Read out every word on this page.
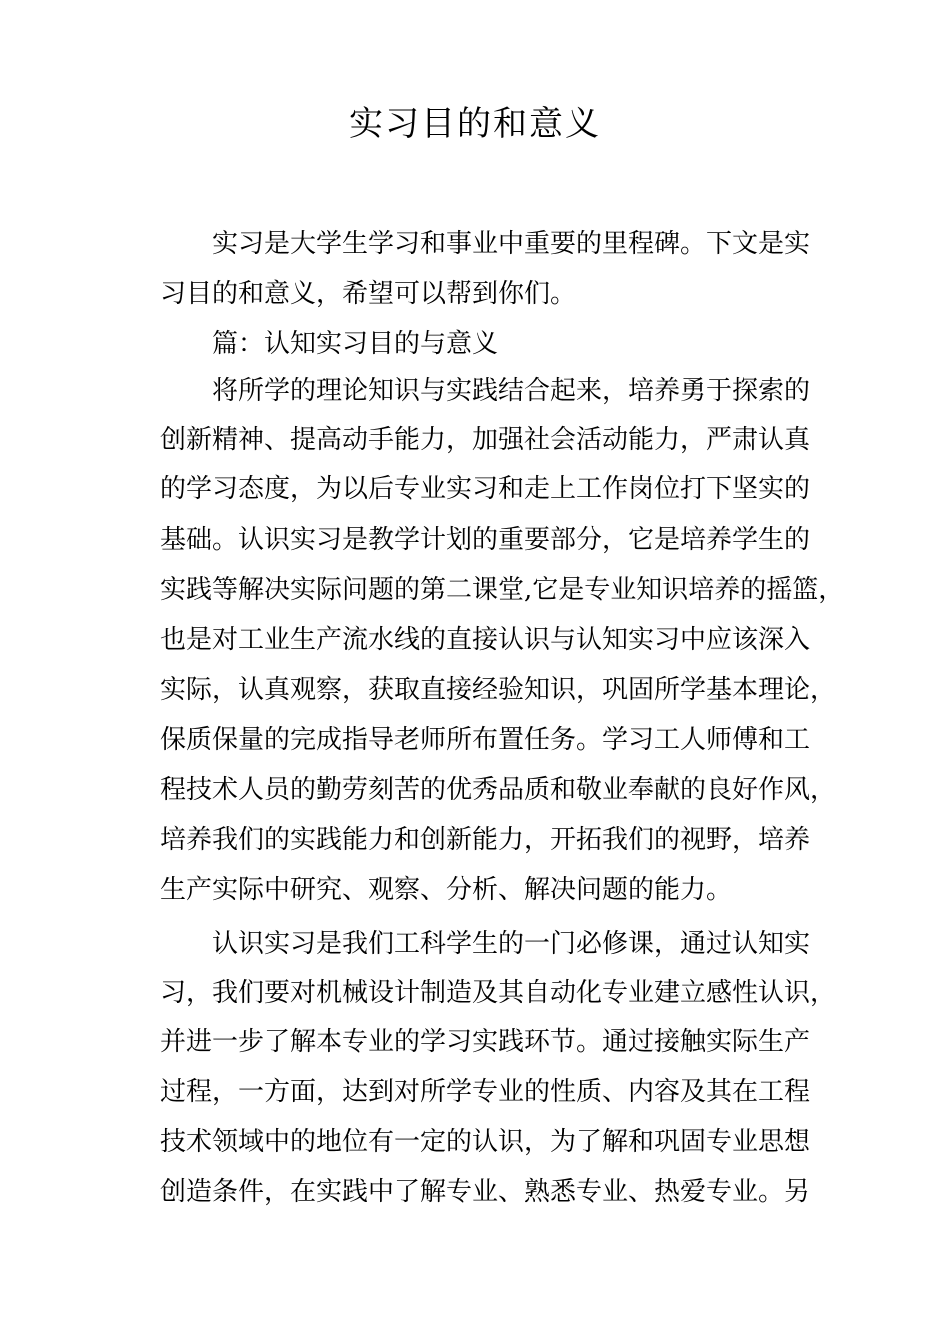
实习目的和意义
实习是大学生学习和事业中重要的里程碑。下文是实
习目的和意义，希望可以帮到你们。
篇：认知实习目的与意义
将所学的理论知识与实践结合起来，培养勇于探索的
创新精神、提高动手能力，加强社会活动能力，严肃认真
的学习态度，为以后专业实习和走上工作岗位打下坚实的
基础。认识实习是教学计划的重要部分，它是培养学生的
实践等解决实际问题的第二课堂,它是专业知识培养的摇篮，
也是对工业生产流水线的直接认识与认知实习中应该深入
实际，认真观察，获取直接经验知识，巩固所学基本理论，
保质保量的完成指导老师所布置任务。学习工人师傅和工
程技术人员的勤劳刻苦的优秀品质和敬业奉献的良好作风，
培养我们的实践能力和创新能力，开拓我们的视野，培养
生产实际中研究、观察、分析、解决问题的能力。
认识实习是我们工科学生的一门必修课，通过认知实
习，我们要对机械设计制造及其自动化专业建立感性认识，
并进一步了解本专业的学习实践环节。通过接触实际生产
过程，一方面，达到对所学专业的性质、内容及其在工程
技术领域中的地位有一定的认识，为了解和巩固专业思想
创造条件，在实践中了解专业、熟悉专业、热爱专业。另
